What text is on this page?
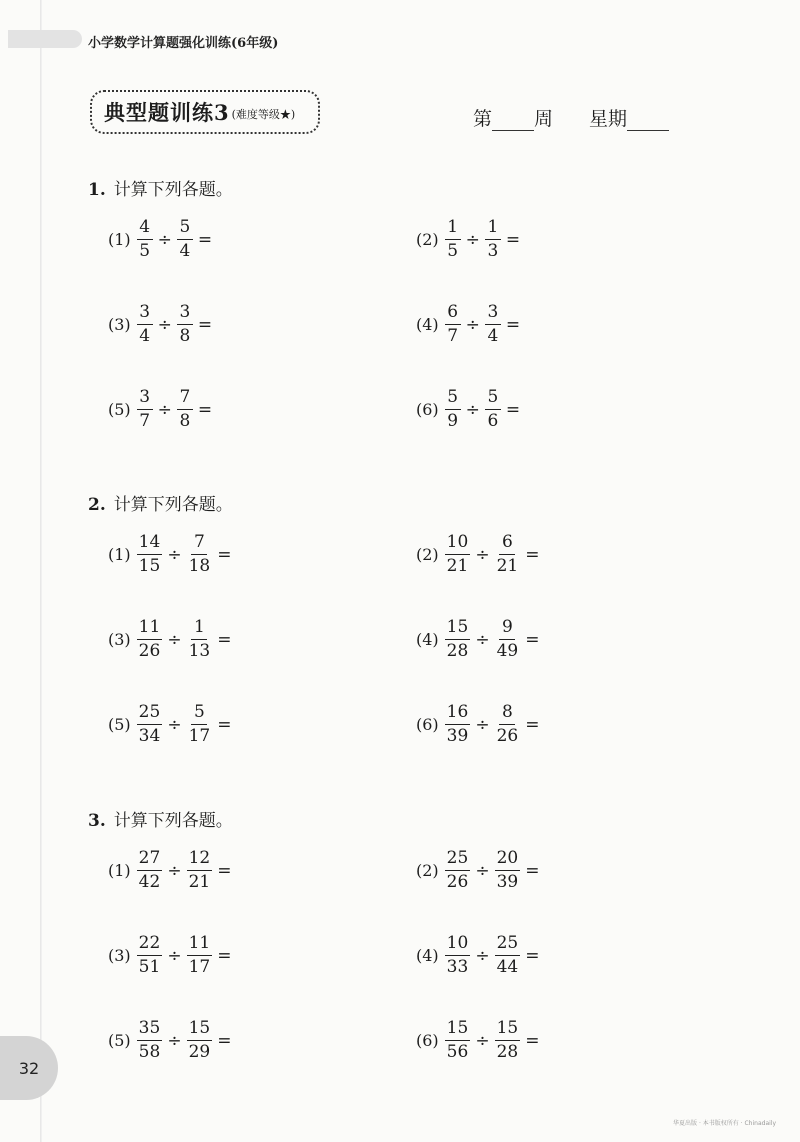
小学数学计算题强化训练(6年级)
典型题训练3 (难度等级★)	第 周 星期
1. 计算下列各题。
$(1) \frac{4}{5} \div \frac{5}{4}$ =	$(2) \frac{1}{5} \div \frac{1}{3}$ =
$(3) \frac{3}{4} \div \frac{3}{8}$ =	$(4) \frac{6}{7} \div \frac{3}{4}$ =
$(5) \frac{3}{7} \div \frac{7}{8}$ =	$(6) \frac{5}{9} \div \frac{5}{6}$ =
2. 计算下列各题。
$(1) \frac{14}{15} \div \frac{7}{18}$ =	$(2) \frac{10}{21} \div \frac{6}{21}$ =
$(3) \frac{11}{26} \div \frac{1}{13}$ =	$(4) \frac{15}{28} \div \frac{9}{49}$ =
$(5) \frac{25}{34} \div \frac{5}{17}$ =	$(6) \frac{16}{39} \div \frac{8}{26}$ =
3. 计算下列各题。
$(1) \frac{27}{42} \div \frac{12}{21}$ =	$(2) \frac{25}{26} \div \frac{20}{39}$ =
$(3) \frac{22}{51} \div \frac{11}{17}$ =	$(4) \frac{10}{33} \div \frac{25}{44}$ =
$(5) \frac{35}{58} \div \frac{15}{29}$ =	$(6) \frac{15}{56} \div \frac{15}{28}$ =
32
华夏出版 · 本书版权所有 · Chinadaily
